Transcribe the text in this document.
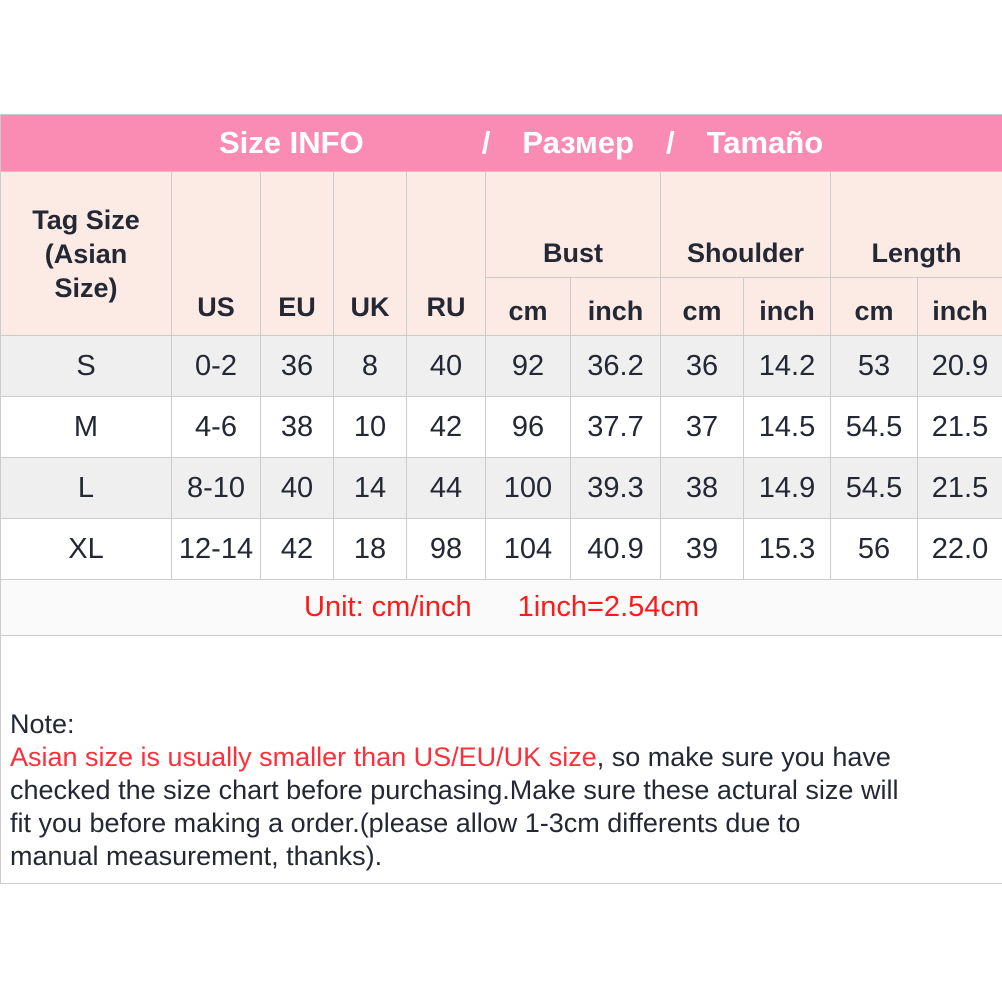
Size INFO / Размер / Tamaño										

Tag Size
(Asian
Size)	US	EU	UK	RU	Bust		Shoulder		Length	
					cm	inch	cm	inch	cm	inch
S	0-2	36	8	40	92	36.2	36	14.2	53	20.9
M	4-6	38	10	42	96	37.7	37	14.5	54.5	21.5
L	8-10	40	14	44	100	39.3	38	14.9	54.5	21.5
XL	12-14	42	18	98	104	40.9	39	15.3	56	22.0

Unit: cm/inch 1inch=2.54cm										

Note:
Asian size is usually smaller than US/EU/UK size, so make sure you have
checked the size chart before purchasing.Make sure these actural size will
fit you before making a order.(please allow 1-3cm differents due to
manual measurement, thanks).										
